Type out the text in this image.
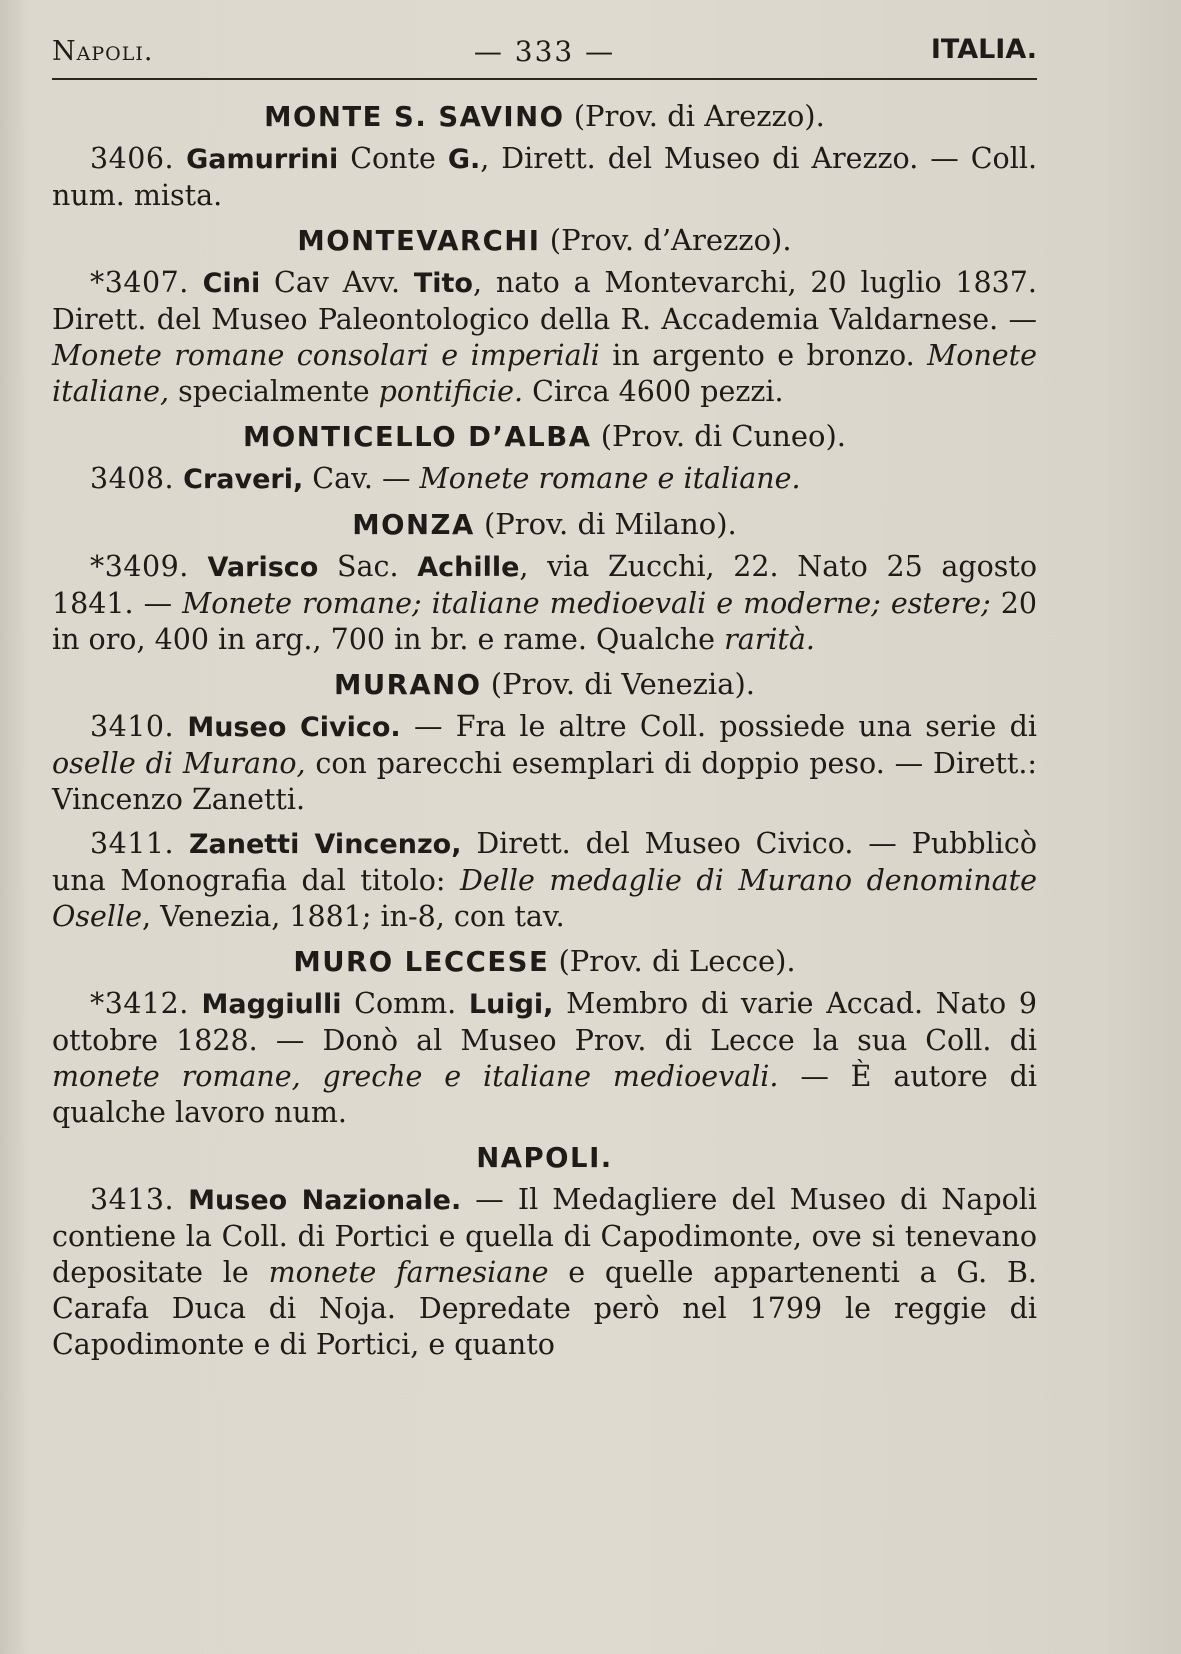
Napoli.	— 333 —	ITALIA.
MONTE S. SAVINO (Prov. di Arezzo).

3406. Gamurrini Conte G., Dirett. del Museo di Arezzo. — Coll. num. mista.

MONTEVARCHI (Prov. d’Arezzo).

*3407. Cini Cav Avv. Tito, nato a Montevarchi, 20 luglio 1837. Dirett. del Museo Paleontologico della R. Accademia Valdarnese. — Monete romane consolari e imperiali in argento e bronzo. Monete italiane, specialmente pontificie. Circa 4600 pezzi.

MONTICELLO D’ALBA (Prov. di Cuneo).

3408. Craveri, Cav. — Monete romane e italiane.

MONZA (Prov. di Milano).

*3409. Varisco Sac. Achille, via Zucchi, 22. Nato 25 agosto 1841. — Monete romane; italiane medioevali e moderne; estere; 20 in oro, 400 in arg., 700 in br. e rame. Qualche rarità.

MURANO (Prov. di Venezia).

3410. Museo Civico. — Fra le altre Coll. possiede una serie di oselle di Murano, con parecchi esemplari di doppio peso. — Dirett.: Vincenzo Zanetti.

3411. Zanetti Vincenzo, Dirett. del Museo Civico. — Pubblicò una Monografia dal titolo: Delle medaglie di Murano denominate Oselle, Venezia, 1881; in-8, con tav.

MURO LECCESE (Prov. di Lecce).

*3412. Maggiulli Comm. Luigi, Membro di varie Accad. Nato 9 ottobre 1828. — Donò al Museo Prov. di Lecce la sua Coll. di monete romane, greche e italiane medioevali. — È autore di qualche lavoro num.

NAPOLI.

3413. Museo Nazionale. — Il Medagliere del Museo di Napoli contiene la Coll. di Portici e quella di Capodimonte, ove si tenevano depositate le monete farnesiane e quelle appartenenti a G. B. Carafa Duca di Noja. Depredate però nel 1799 le reggie di Capodimonte e di Portici, e quanto
